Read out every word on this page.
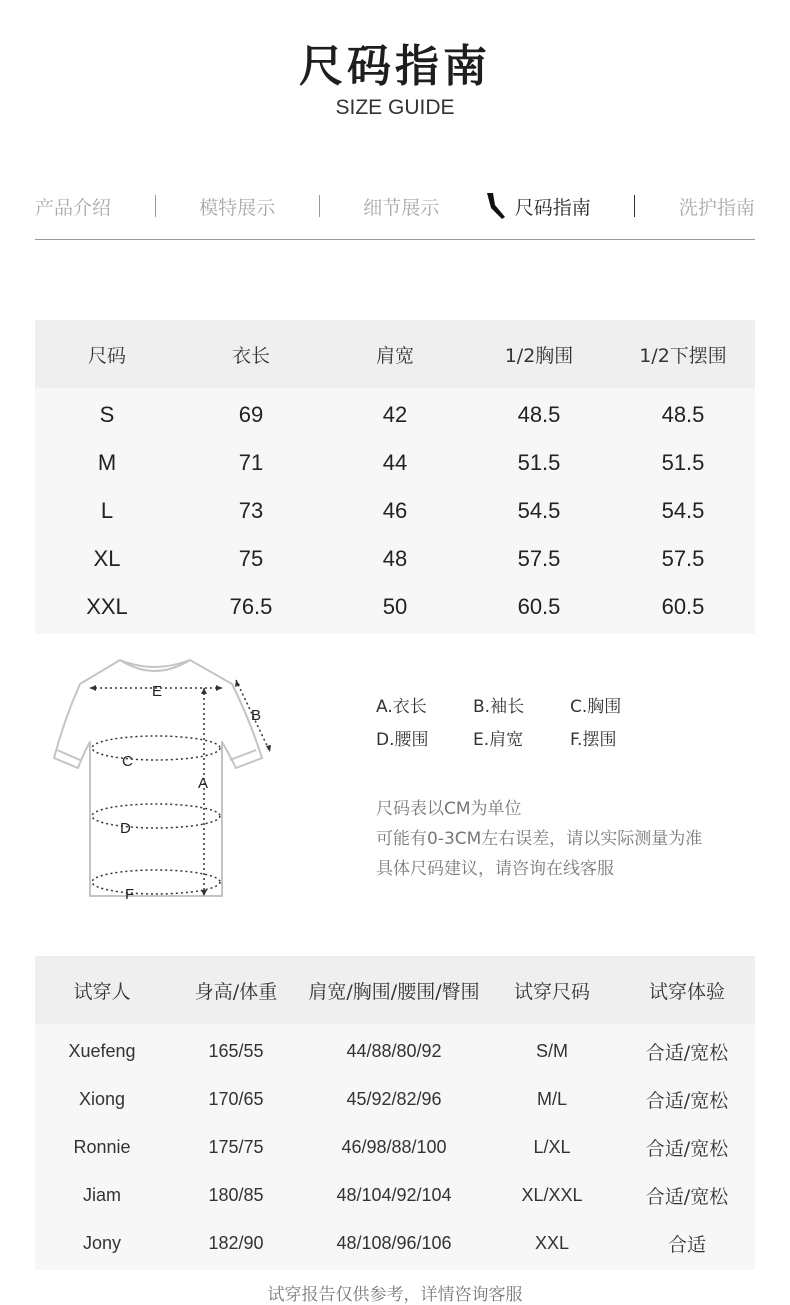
尺码指南
SIZE GUIDE
产品介绍	模特展示	细节展示	尺码指南	洗护指南
尺码	衣长	肩宽	1/2胸围	1/2下摆围
S	69	42	48.5	48.5
M	71	44	51.5	51.5
L	73	46	54.5	54.5
XL	75	48	57.5	57.5
XXL	76.5	50	60.5	60.5
E
B
C
A
D
F
A.衣长	B.袖长	C.胸围
D.腰围	E.肩宽	F.摆围
尺码表以CM为单位
可能有0-3CM左右误差，请以实际测量为准
具体尺码建议，请咨询在线客服
试穿人	身高/体重	肩宽/胸围/腰围/臀围	试穿尺码	试穿体验
Xuefeng	165/55	44/88/80/92	S/M	合适/宽松
Xiong	170/65	45/92/82/96	M/L	合适/宽松
Ronnie	175/75	46/98/88/100	L/XL	合适/宽松
Jiam	180/85	48/104/92/104	XL/XXL	合适/宽松
Jony	182/90	48/108/96/106	XXL	合适
试穿报告仅供参考，详情咨询客服
